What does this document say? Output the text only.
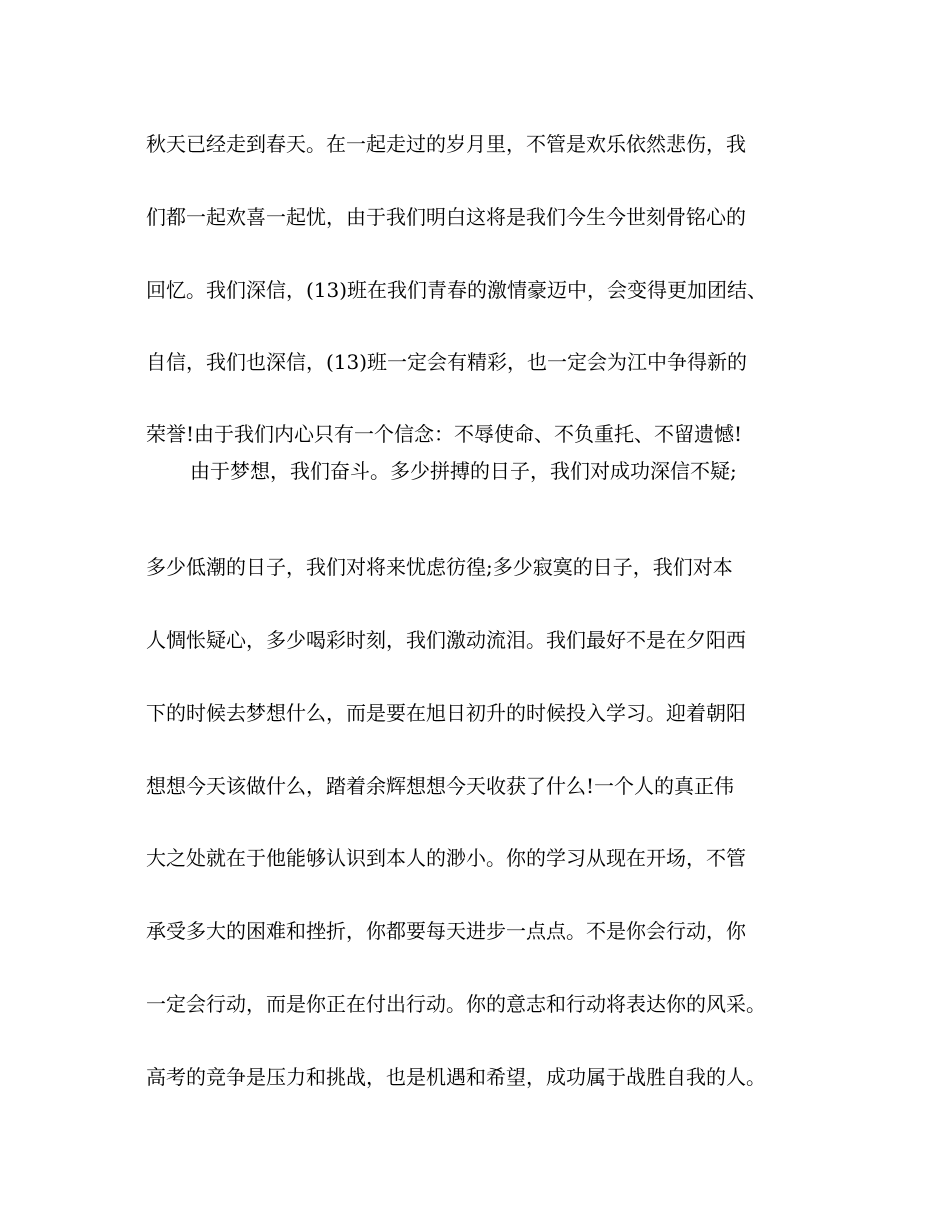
秋天已经走到春天。在一起走过的岁月里，不管是欢乐依然悲伤，我
们都一起欢喜一起忧，由于我们明白这将是我们今生今世刻骨铭心的
回忆。我们深信，(13)班在我们青春的激情豪迈中，会变得更加团结、
自信，我们也深信，(13)班一定会有精彩，也一定会为江中争得新的
荣誉!由于我们内心只有一个信念：不辱使命、不负重托、不留遗憾!
由于梦想，我们奋斗。多少拼搏的日子，我们对成功深信不疑;
多少低潮的日子，我们对将来忧虑彷徨;多少寂寞的日子，我们对本
人惆怅疑心，多少喝彩时刻，我们激动流泪。我们最好不是在夕阳西
下的时候去梦想什么，而是要在旭日初升的时候投入学习。迎着朝阳
想想今天该做什么，踏着余辉想想今天收获了什么!一个人的真正伟
大之处就在于他能够认识到本人的渺小。你的学习从现在开场，不管
承受多大的困难和挫折，你都要每天进步一点点。不是你会行动，你
一定会行动，而是你正在付出行动。你的意志和行动将表达你的风采。
高考的竞争是压力和挑战，也是机遇和希望，成功属于战胜自我的人。
